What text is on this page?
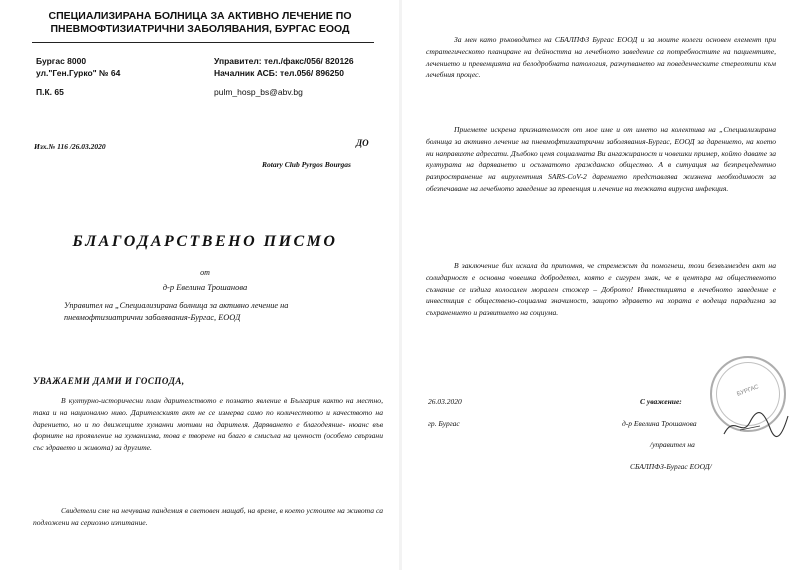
СПЕЦИАЛИЗИРАНА БОЛНИЦА ЗА АКТИВНО ЛЕЧЕНИЕ ПО
ПНЕВМОФТИЗИАТРИЧНИ ЗАБОЛЯВАНИЯ, БУРГАС ЕООД
Бургас 8000
ул."Ген.Гурко" № 64
П.К. 65
Управител: тел./факс/056/ 820126
Началник АСБ: тел.056/ 896250
pulm_hosp_bs@abv.bg
Изх.№ 116 /26.03.2020	ДО
Rotary Club Pyrgos Bourgas
БЛАГОДАРСТВЕНО ПИСМО
от
д-р Евелина Трошанова
Управител на „Специализирана болница за активно лечение на
пневмофтизиатрични заболявания-Бургас, ЕООД
УВАЖАЕМИ ДАМИ И ГОСПОДА,

В културно-историчесни план дарителството е познато явление в България както на местно, така и на национално ниво. Дарителският акт не се измерва само по количеството и качеството на дарението, но и по движещите хуманни мотиви на дарителя. Даряването е благодеяние- нюанс във формите на проявление на хуманизма, това е творене на благо в смисъла на ценност (особено свързани със здравето и живота) за другите.

Свидетели сме на нечувана пандемия в световен мащаб, на време, в което устоите на живота са подложени на сериозно изпитание.

За мен като ръководител на СБАЛПФЗ Бургас ЕООД и за моите колеги основен елемент при стратегическото планиране на дейността на лечебното заведение са потребностите на пациентите, лечението и превенцията на белодробната патология, разчупването на поведенческите стереотипи към лечебния процес.

Приемете искрена признателност от мое име и от името на колектива на „Специализирана болница за активно лечение на пневмофтизиатрични заболявания-Бургас, ЕООД за дарението, на което ни направихте адресати. Дълбоко ценя социалната Ви ангажираност и човешки пример, който давате за културата на даряването и осъзнатото гражданско общество. А в ситуация на безпрецедентно разпространение на вирулентния SARS-CoV-2 дарението представлява жизнена необходимост за обезпечаване на лечебното заведение за превенция и лечение на тежката вирусна инфекция.

В заключение бих искала да припомня, че стремежът да помогнеш, този безвъзмезден акт на солидарност е основна човешка добродетел, която е сигурен знак, че в центъра на общественото съзнание се издига колосален морален стожер – Доброто! Инвестицията в лечебното заведение е инвестиция с обществено-социална значимост, защото здравето на хората е водеща парадигма за съхранението и развитието на социума.

26.03.2020
гр. Бургас
С уважение:
д-р Евелина Трошанова
/управител на
СБАЛПФЗ-Бургас ЕООД/
БУРГАС
